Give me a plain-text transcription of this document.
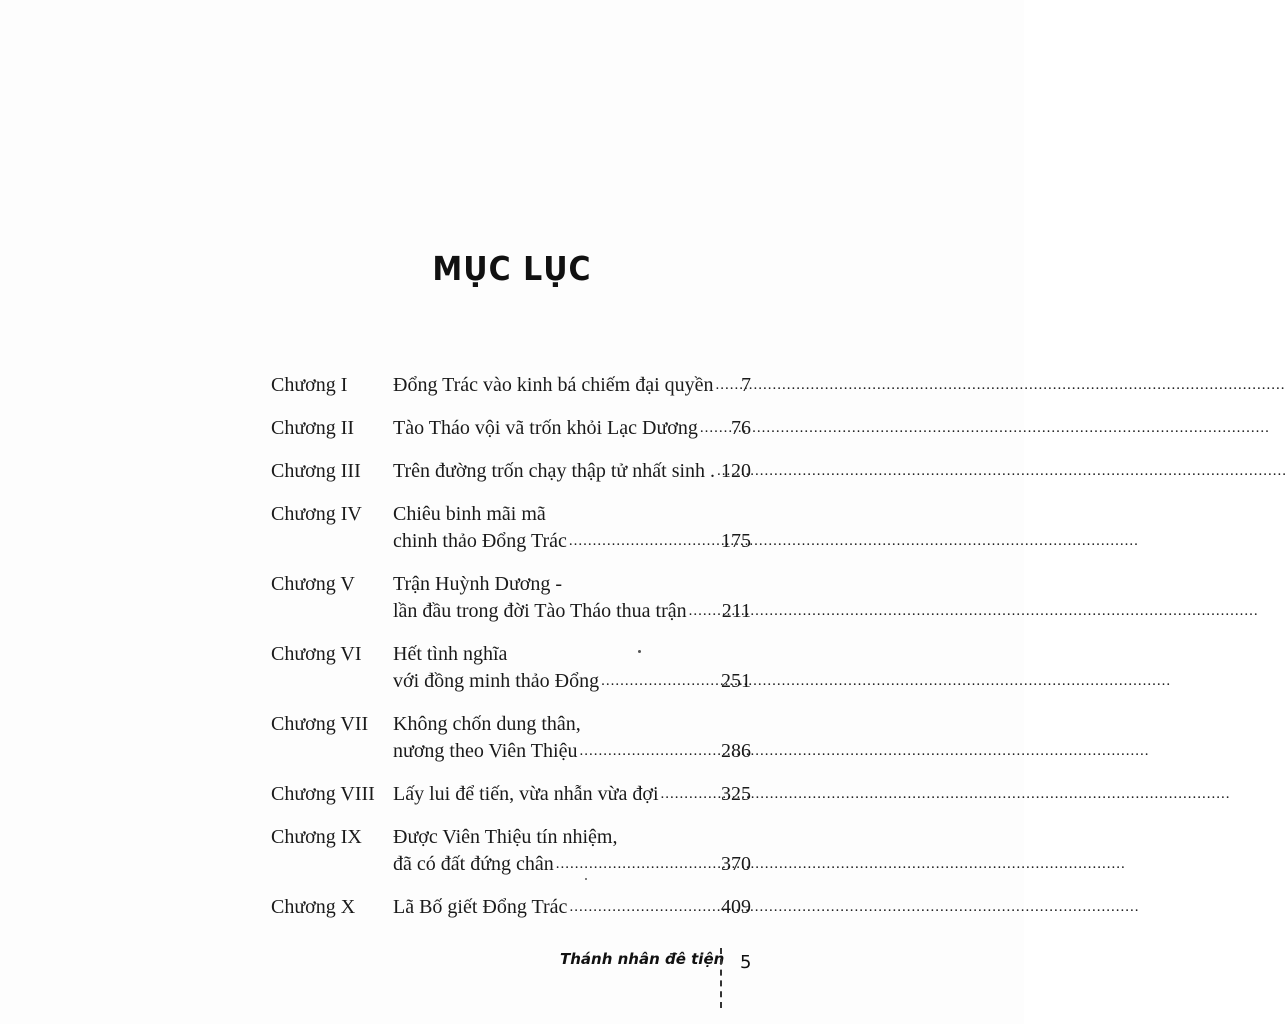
MỤC LỤC
Chương I	Đổng Trác vào kinh bá chiếm đại quyền ..... 7
Chương II	Tào Tháo vội vã trốn khỏi Lạc Dương ..... 76
Chương III	Trên đường trốn chạy thập tử nhất sinh . ..... 120
Chương IV	Chiêu binh mãi mã
chinh thảo Đổng Trác .....	175
Chương V	Trận Huỳnh Dương -
lần đầu trong đời Tào Tháo thua trận ..... 211
Chương VI	Hết tình nghĩa
với đồng minh thảo Đổng .....	251
Chương VII	Không chốn dung thân,
nương theo Viên Thiệu .....	286
Chương VIII Lấy lui để tiến, vừa nhẫn vừa đợi .....	325
Chương IX	Được Viên Thiệu tín nhiệm,
đã có đất đứng chân .....	370
Chương X	Lã Bố giết Đổng Trác .....	409
Thánh nhân đê tiện 5
